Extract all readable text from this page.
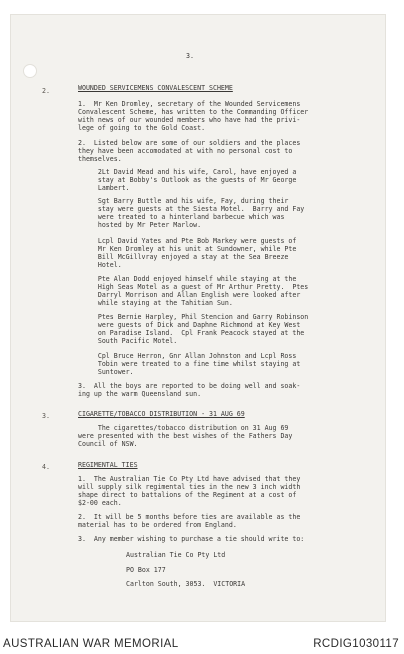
3.

2.	WOUNDED SERVICEMENS CONVALESCENT SCHEME

1.  Mr Ken Dromley, secretary of the Wounded Servicemens
Convalescent Scheme, has written to the Commanding Officer
with news of our wounded members who have had the privi-
lege of going to the Gold Coast.

2.  Listed below are some of our soldiers and the places
they have been accomodated at with no personal cost to
themselves.

2Lt David Mead and his wife, Carol, have enjoyed a
stay at Bobby's Outlook as the guests of Mr George
Lambert.

Sgt Barry Buttle and his wife, Fay, during their
stay were guests at the Siesta Motel.  Barry and Fay
were treated to a hinterland barbecue which was
hosted by Mr Peter Marlow.

Lcpl David Yates and Pte Bob Markey were guests of
Mr Ken Dromley at his unit at Sundowner, while Pte
Bill McGillvray enjoyed a stay at the Sea Breeze
Hotel.

Pte Alan Dodd enjoyed himself while staying at the
High Seas Motel as a guest of Mr Arthur Pretty.  Ptes
Darryl Morrison and Allan English were looked after
while staying at the Tahitian Sun.

Ptes Bernie Harpley, Phil Stencion and Garry Robinson
were guests of Dick and Daphne Richmond at Key West
on Paradise Island.  Cpl Frank Peacock stayed at the
South Pacific Motel.

Cpl Bruce Herron, Gnr Allan Johnston and Lcpl Ross
Tobin were treated to a fine time whilst staying at
Suntower.

3.  All the boys are reported to be doing well and soak-
ing up the warm Queensland sun.

3.	CIGARETTE/TOBACCO DISTRIBUTION - 31 AUG 69

The cigarettes/tobacco distribution on 31 Aug 69
were presented with the best wishes of the Fathers Day
Council of NSW.

4.	REGIMENTAL TIES

1.  The Australian Tie Co Pty Ltd have advised that they
will supply silk regimental ties in the new 3 inch width
shape direct to battalions of the Regiment at a cost of
$2-00 each.

2.  It will be 5 months before ties are available as the
material has to be ordered from England.

3.  Any member wishing to purchase a tie should write to:

Australian Tie Co Pty Ltd

PO Box 177

Carlton South, 3053.  VICTORIA

AUSTRALIAN WAR MEMORIAL	RCDIG1030117
